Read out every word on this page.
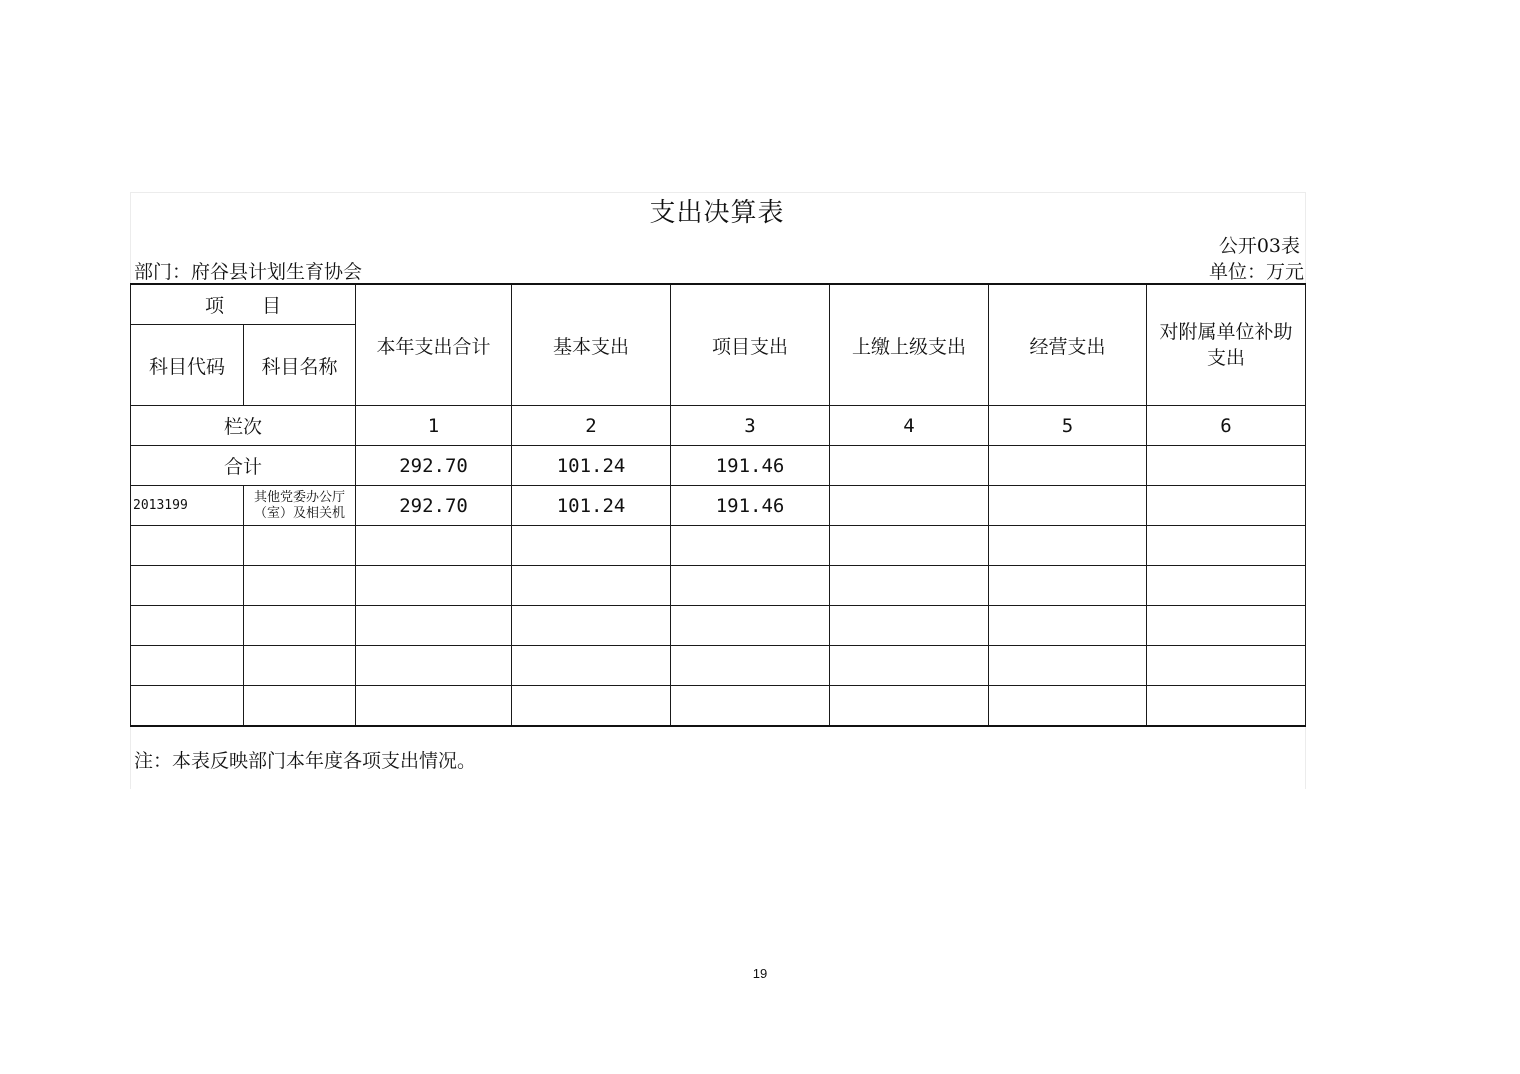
支出决算表
公开03表
部门：府谷县计划生育协会	单位：万元
项　　目		本年支出合计	基本支出	项目支出	上缴上级支出	经营支出	对附属单位补助支出

科目代码	科目名称						
栏次		1	2	3	4	5	6
合计		292.70	101.24	191.46			
2013199	其他党委办公厅（室）及相关机	292.70	101.24	191.46			

注：本表反映部门本年度各项支出情况。
19
